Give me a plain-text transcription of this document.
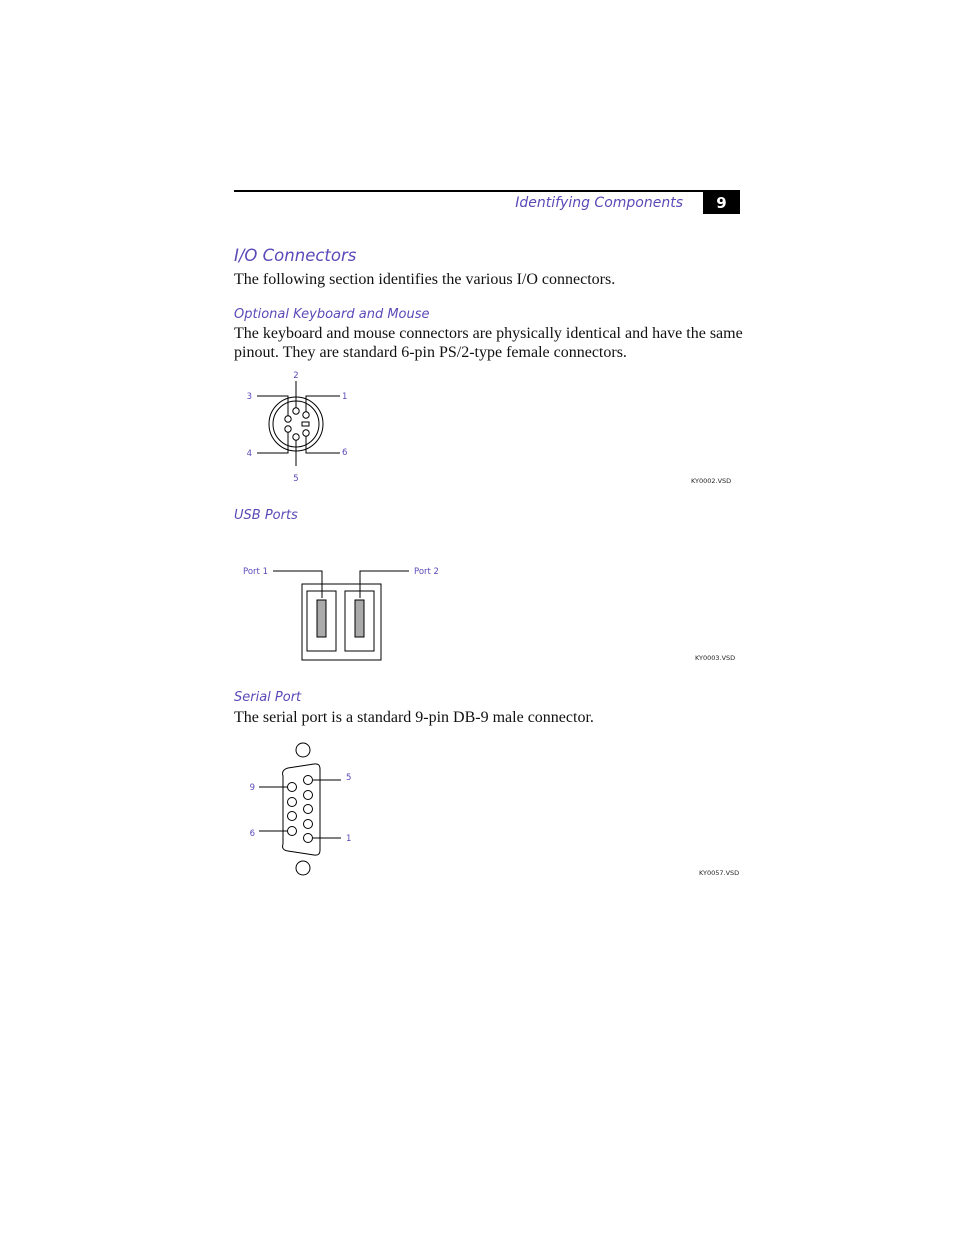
Identifying Components	9
I/O Connectors
The following section identifies the various I/O connectors.
Optional Keyboard and Mouse
The keyboard and mouse connectors are physically identical and have the same pinout. They are standard 6-pin PS/2-type female connectors.
2
1
3
4	6
5	KY0002.VSD
Port 1	Port 2
KY0003.VSD
5
9
6	1
KY0057.VSD
USB Ports
Serial Port
The serial port is a standard 9-pin DB-9 male connector.
